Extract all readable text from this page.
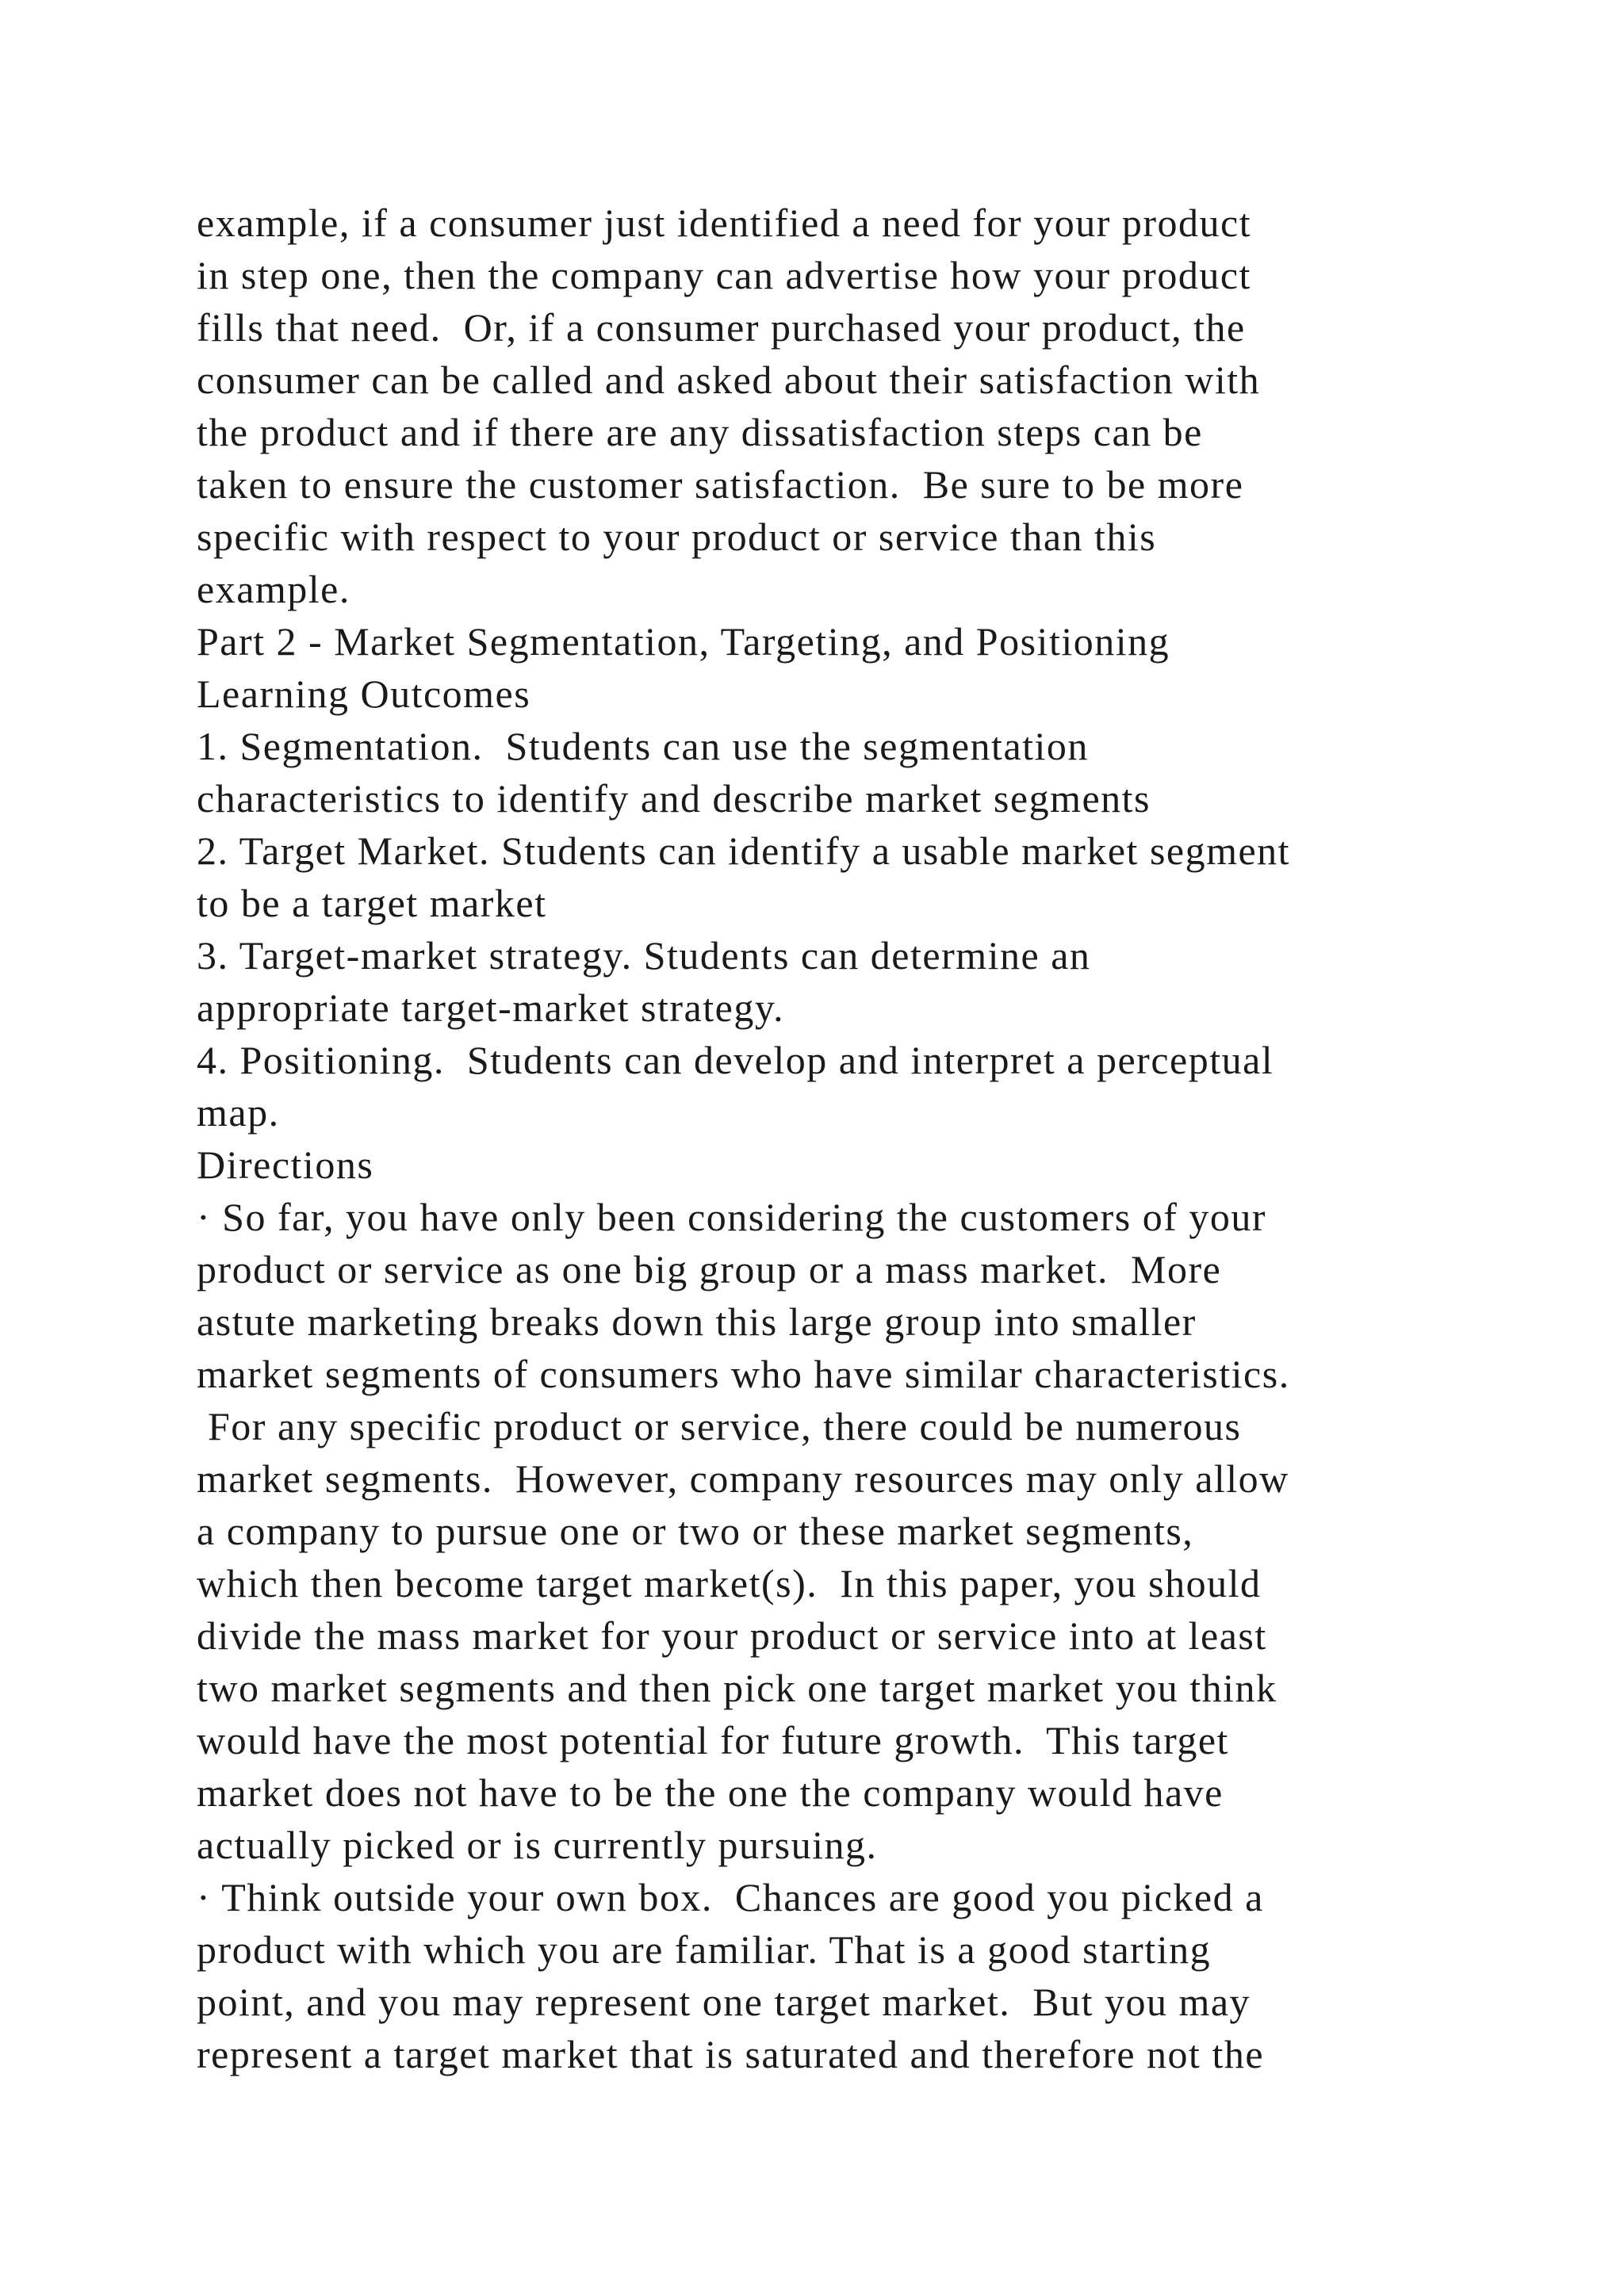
example, if a consumer just identified a need for your product
in step one, then the company can advertise how your product
fills that need.  Or, if a consumer purchased your product, the
consumer can be called and asked about their satisfaction with
the product and if there are any dissatisfaction steps can be
taken to ensure the customer satisfaction.  Be sure to be more
specific with respect to your product or service than this
example.
Part 2 - Market Segmentation, Targeting, and Positioning
Learning Outcomes
1. Segmentation.  Students can use the segmentation
characteristics to identify and describe market segments
2. Target Market. Students can identify a usable market segment
to be a target market
3. Target-market strategy. Students can determine an
appropriate target-market strategy.
4. Positioning.  Students can develop and interpret a perceptual
map.
Directions
· So far, you have only been considering the customers of your
product or service as one big group or a mass market.  More
astute marketing breaks down this large group into smaller
market segments of consumers who have similar characteristics.
For any specific product or service, there could be numerous
market segments.  However, company resources may only allow
a company to pursue one or two or these market segments,
which then become target market(s).  In this paper, you should
divide the mass market for your product or service into at least
two market segments and then pick one target market you think
would have the most potential for future growth.  This target
market does not have to be the one the company would have
actually picked or is currently pursuing.
· Think outside your own box.  Chances are good you picked a
product with which you are familiar. That is a good starting
point, and you may represent one target market.  But you may
represent a target market that is saturated and therefore not the
